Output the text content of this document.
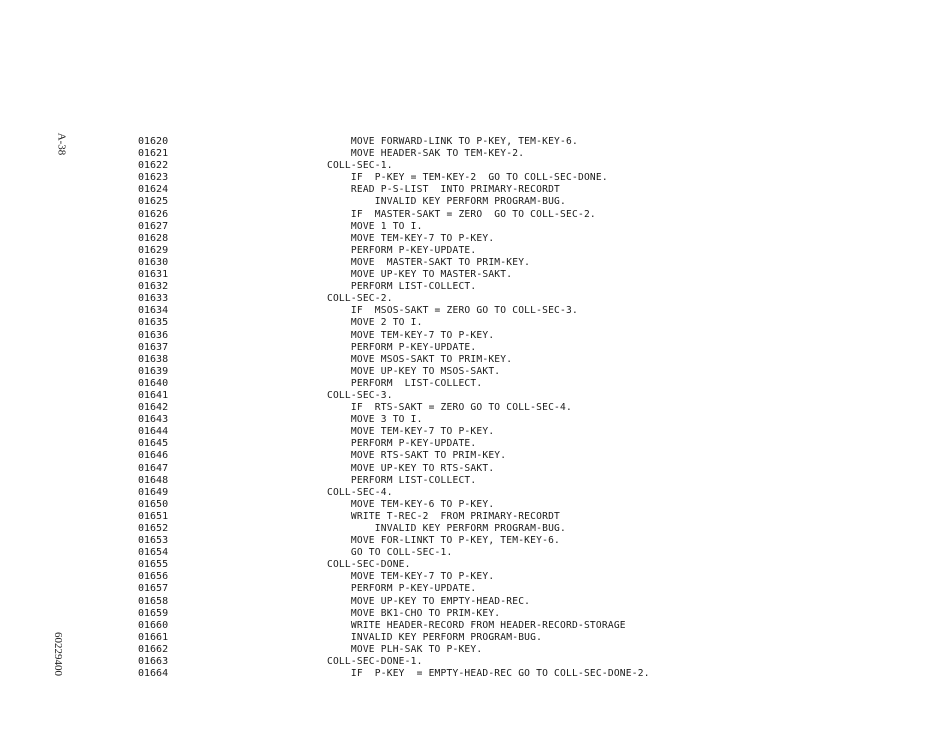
A-38
60229400
01620	MOVE FORWARD-LINK TO P-KEY, TEM-KEY-6.
01621	MOVE HEADER-SAK TO TEM-KEY-2.
01622	COLL-SEC-1.
01623	IF  P-KEY = TEM-KEY-2  GO TO COLL-SEC-DONE.
01624	READ P-S-LIST  INTO PRIMARY-RECORDT
01625	INVALID KEY PERFORM PROGRAM-BUG.
01626	IF  MASTER-SAKT = ZERO  GO TO COLL-SEC-2.
01627	MOVE 1 TO I.
01628	MOVE TEM-KEY-7 TO P-KEY.
01629	PERFORM P-KEY-UPDATE.
01630	MOVE  MASTER-SAKT TO PRIM-KEY.
01631	MOVE UP-KEY TO MASTER-SAKT.
01632	PERFORM LIST-COLLECT.
01633	COLL-SEC-2.
01634	IF  MSOS-SAKT = ZERO GO TO COLL-SEC-3.
01635	MOVE 2 TO I.
01636	MOVE TEM-KEY-7 TO P-KEY.
01637	PERFORM P-KEY-UPDATE.
01638	MOVE MSOS-SAKT TO PRIM-KEY.
01639	MOVE UP-KEY TO MSOS-SAKT.
01640	PERFORM  LIST-COLLECT.
01641	COLL-SEC-3.
01642	IF  RTS-SAKT = ZERO GO TO COLL-SEC-4.
01643	MOVE 3 TO I.
01644	MOVE TEM-KEY-7 TO P-KEY.
01645	PERFORM P-KEY-UPDATE.
01646	MOVE RTS-SAKT TO PRIM-KEY.
01647	MOVE UP-KEY TO RTS-SAKT.
01648	PERFORM LIST-COLLECT.
01649	COLL-SEC-4.
01650	MOVE TEM-KEY-6 TO P-KEY.
01651	WRITE T-REC-2  FROM PRIMARY-RECORDT
01652	INVALID KEY PERFORM PROGRAM-BUG.
01653	MOVE FOR-LINKT TO P-KEY, TEM-KEY-6.
01654	GO TO COLL-SEC-1.
01655	COLL-SEC-DONE.
01656	MOVE TEM-KEY-7 TO P-KEY.
01657	PERFORM P-KEY-UPDATE.
01658	MOVE UP-KEY TO EMPTY-HEAD-REC.
01659	MOVE BK1-CHO TO PRIM-KEY.
01660	WRITE HEADER-RECORD FROM HEADER-RECORD-STORAGE
01661	INVALID KEY PERFORM PROGRAM-BUG.
01662	MOVE PLH-SAK TO P-KEY.
01663	COLL-SEC-DONE-1.
01664	IF  P-KEY  = EMPTY-HEAD-REC GO TO COLL-SEC-DONE-2.
